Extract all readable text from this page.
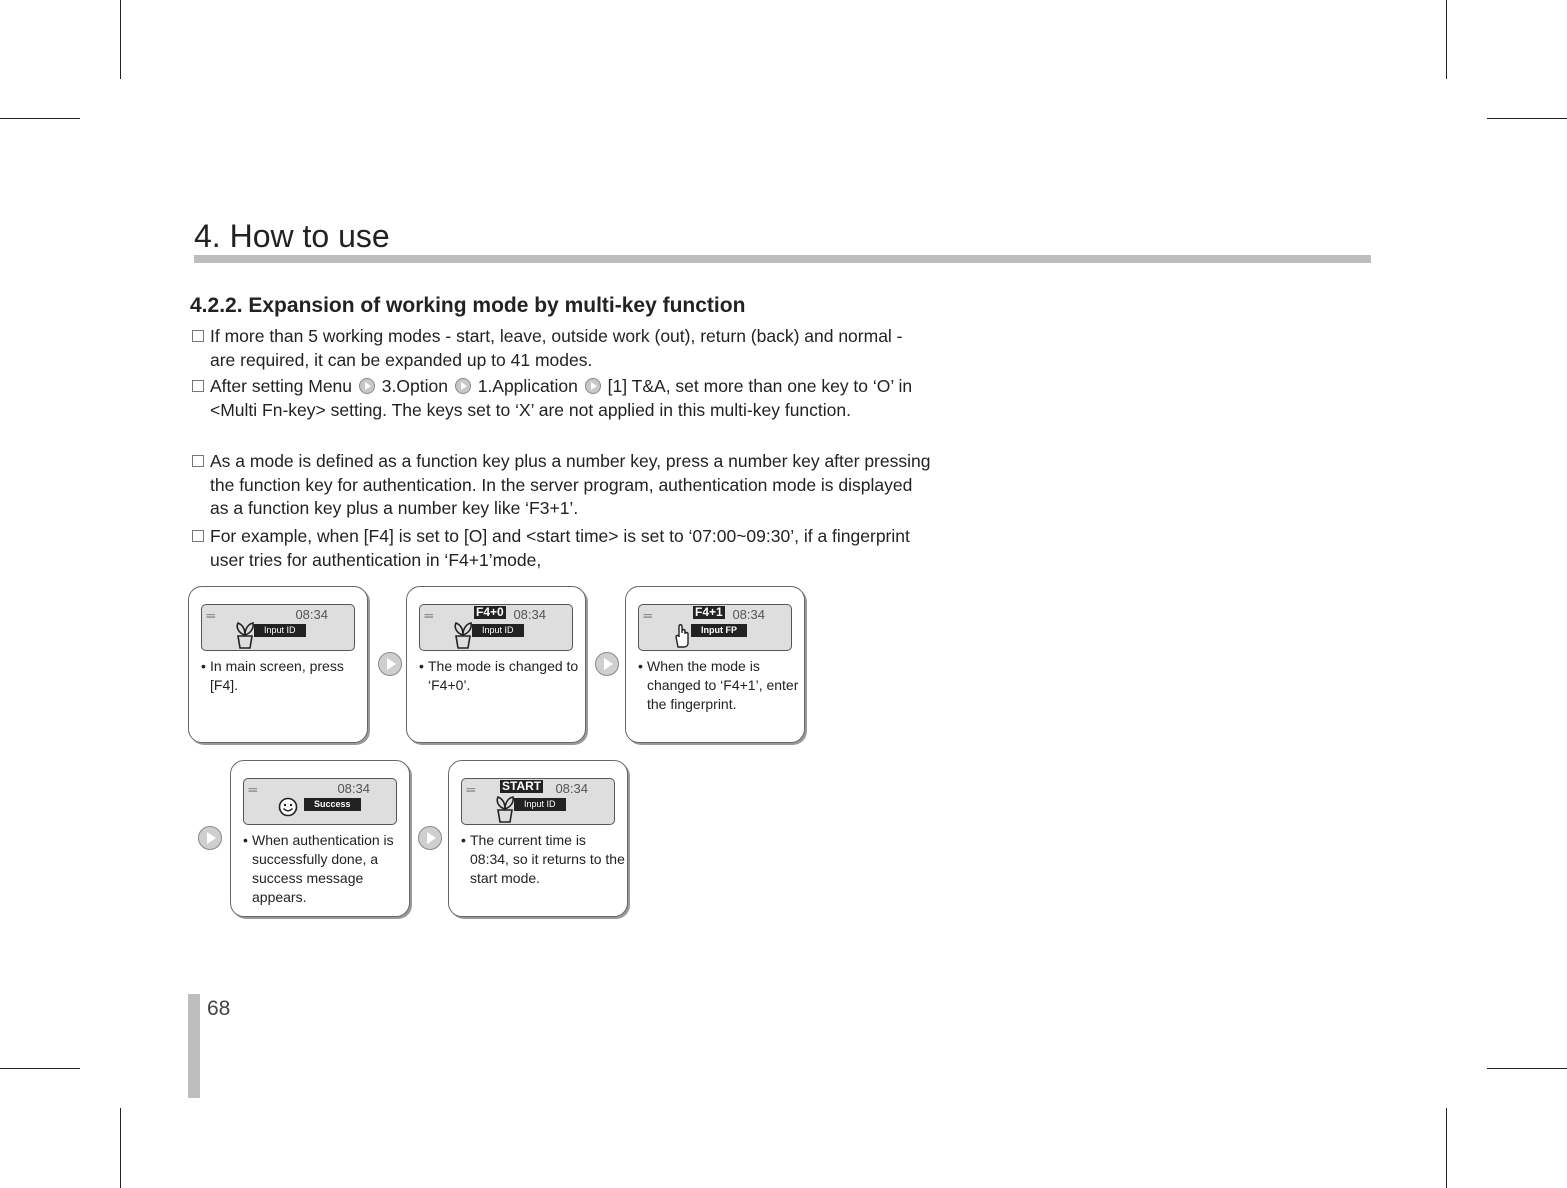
4. How to use
4.2.2. Expansion of working mode by multi-key function
If more than 5 working modes - start, leave, outside work (out), return (back) and normal - are required, it can be expanded up to 41 modes.
After setting Menu 3.Option 1.Application [1] T&A, set more than one key to ‘O’ in <Multi Fn-key> setting. The keys set to ‘X’ are not applied in this multi-key function.
As a mode is defined as a function key plus a number key, press a number key after pressing the function key for authentication. In the server program, authentication mode is displayed as a function key plus a number key like ‘F3+1’.
For example, when [F4] is set to [O] and <start time> is set to ‘07:00~09:30’, if a fingerprint user tries for authentication in ‘F4+1’mode,
≡≡	08:34
Input ID
• In main screen, press [F4].
≡≡	F4+0 08:34
Input ID
• The mode is changed to ‘F4+0’.
≡≡	F4+1 08:34
Input FP
• When the mode is changed to ‘F4+1’, enter the fingerprint.
≡≡	08:34
Success
• When authentication is successfully done, a success message appears.
≡≡ START 08:34
Input ID
• The current time is 08:34, so it returns to the start mode.
68
